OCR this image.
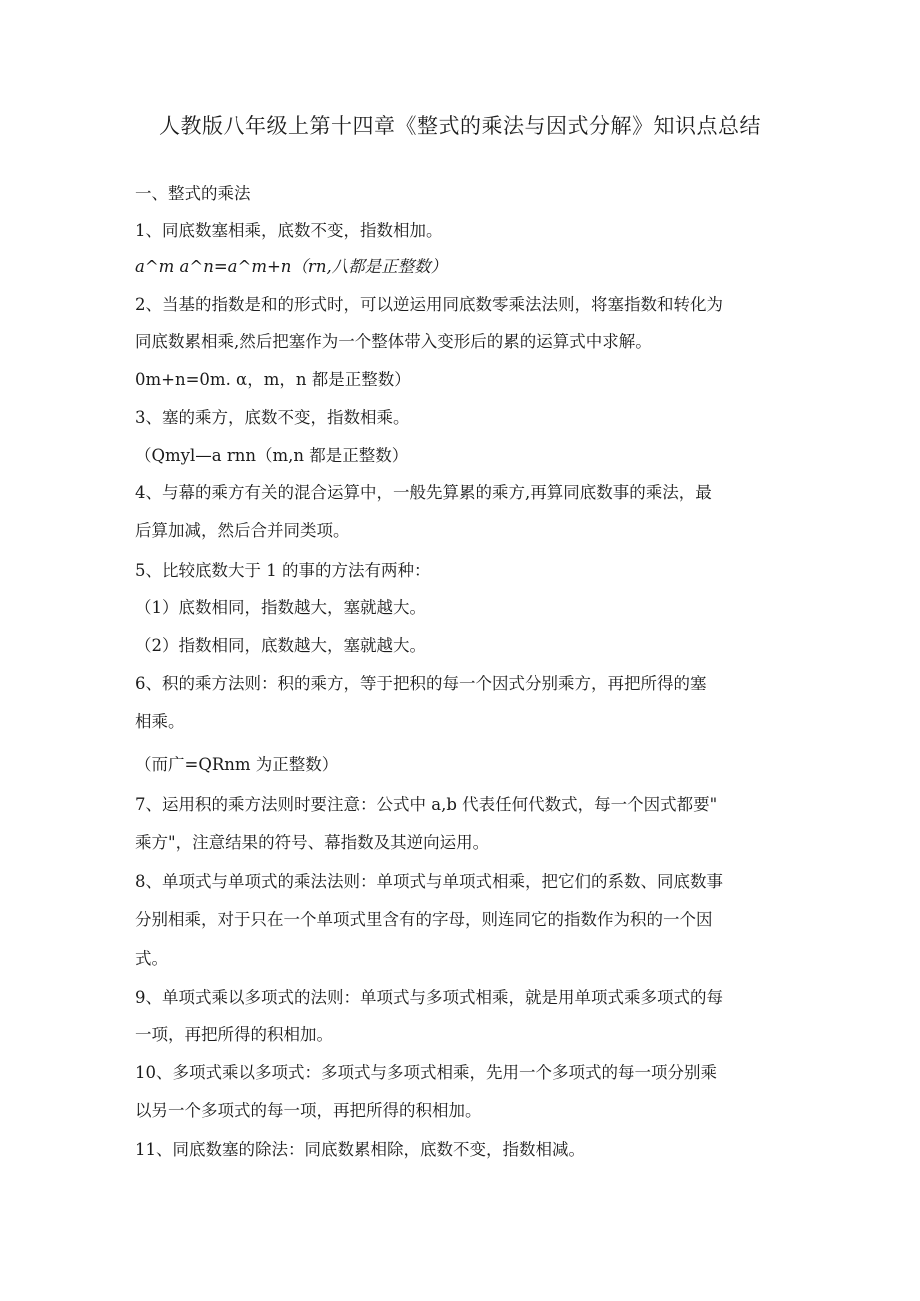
人教版八年级上第十四章《整式的乘法与因式分解》知识点总结
一、整式的乘法
1、同底数塞相乘，底数不变，指数相加。
a^m a^n=a^m+n（rn,八都是正整数）
2、当基的指数是和的形式时，可以逆运用同底数零乘法法则，将塞指数和转化为
同底数累相乘,然后把塞作为一个整体带入变形后的累的运算式中求解。
0m+n=0m. α，m，n 都是正整数）
3、塞的乘方，底数不变，指数相乘。
（Qmyl—a rnn（m,n 都是正整数）
4、与幕的乘方有关的混合运算中，一般先算累的乘方,再算同底数事的乘法，最
后算加减，然后合并同类项。
5、比较底数大于 1 的事的方法有两种：
（1）底数相同，指数越大，塞就越大。
（2）指数相同，底数越大，塞就越大。
6、积的乘方法则：积的乘方，等于把积的每一个因式分别乘方，再把所得的塞
相乘。
（而广=QRnm 为正整数）
7、运用积的乘方法则时要注意：公式中 a,b 代表任何代数式，每一个因式都要"
乘方"，注意结果的符号、幕指数及其逆向运用。
8、单项式与单项式的乘法法则：单项式与单项式相乘，把它们的系数、同底数事
分别相乘，对于只在一个单项式里含有的字母，则连同它的指数作为积的一个因
式。
9、单项式乘以多项式的法则：单项式与多项式相乘，就是用单项式乘多项式的每
一项，再把所得的积相加。
10、多项式乘以多项式：多项式与多项式相乘，先用一个多项式的每一项分别乘
以另一个多项式的每一项，再把所得的积相加。
11、同底数塞的除法：同底数累相除，底数不变，指数相减。
